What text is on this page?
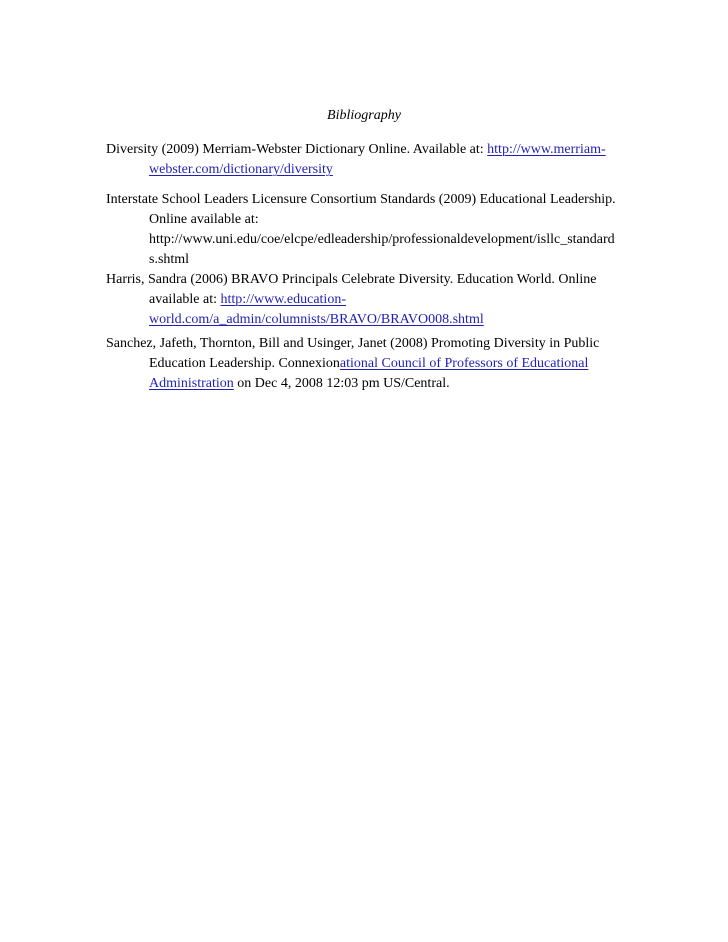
Bibliography
Diversity (2009) Merriam-Webster Dictionary Online. Available at: http://www.merriam-
webster.com/dictionary/diversity
Interstate School Leaders Licensure Consortium Standards (2009) Educational Leadership.
Online available at:
http://www.uni.edu/coe/elcpe/edleadership/professionaldevelopment/isllc_standard
s.shtml
Harris, Sandra (2006) BRAVO Principals Celebrate Diversity. Education World. Online
available at: http://www.education-
world.com/a_admin/columnists/BRAVO/BRAVO008.shtml
Sanchez, Jafeth, Thornton, Bill and Usinger, Janet (2008) Promoting Diversity in Public
Education Leadership. Connexionational Council of Professors of Educational
Administration on Dec 4, 2008 12:03 pm US/Central.
